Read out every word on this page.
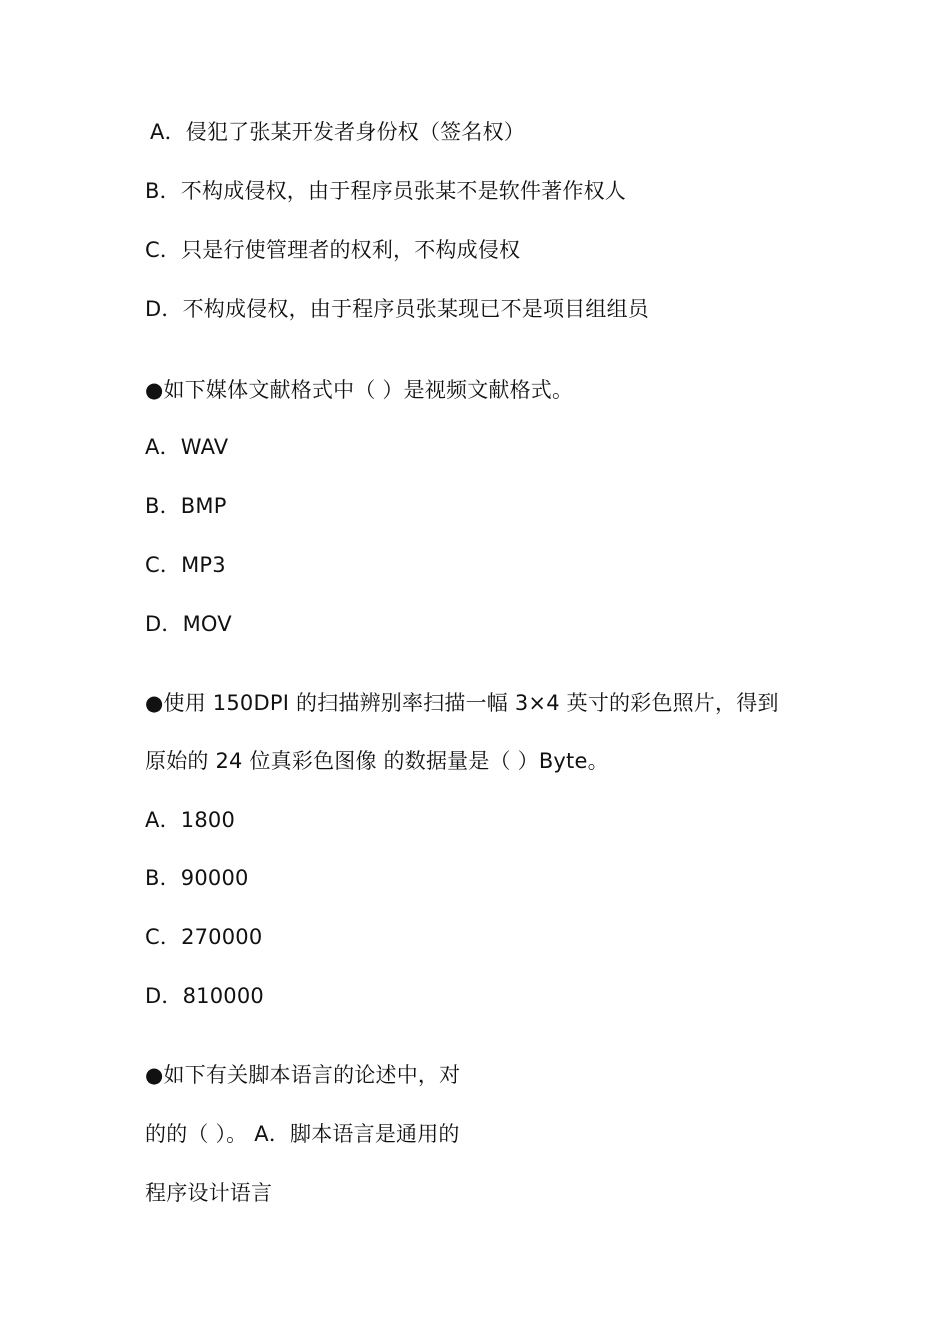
A．侵犯了张某开发者身份权（签名权）

B．不构成侵权，由于程序员张某不是软件著作权人

C．只是行使管理者的权利，不构成侵权

D．不构成侵权，由于程序员张某现已不是项目组组员

●如下媒体文献格式中（ ）是视频文献格式。

A．WAV

B．BMP

C．MP3

D．MOV

●使用 150DPI 的扫描辨别率扫描一幅 3×4 英寸的彩色照片，得到

原始的 24 位真彩色图像 的数据量是（ ）Byte。

A．1800

B．90000

C．270000

D．810000

●如下有关脚本语言的论述中，对

的的（ ）。 A．脚本语言是通用的

程序设计语言
